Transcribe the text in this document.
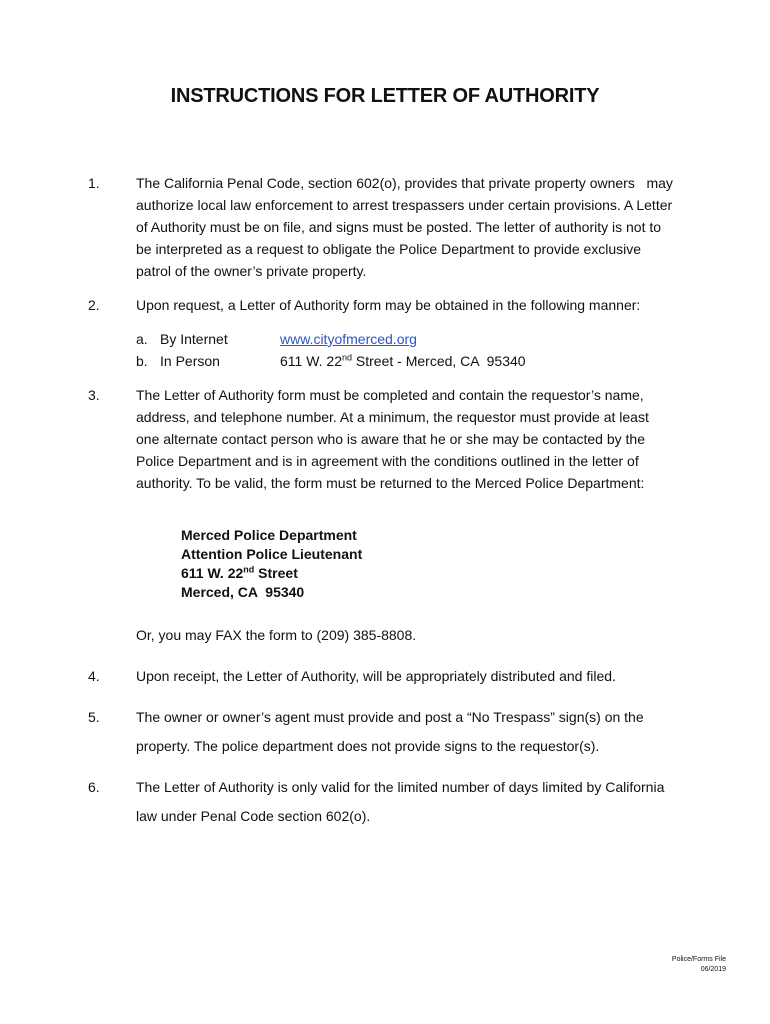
INSTRUCTIONS FOR LETTER OF AUTHORITY
1.	The California Penal Code, section 602(o), provides that private property owners   may

authorize local law enforcement to arrest trespassers under certain provisions. A Letter

of Authority must be on file, and signs must be posted. The letter of authority is not to

be interpreted as a request to obligate the Police Department to provide exclusive

patrol of the owner’s private property.

2.	Upon request, a Letter of Authority form may be obtained in the following manner:

a. By Internet	www.cityofmerced.org
b. In Person	611 W. 22nd Street - Merced, CA  95340
3.	The Letter of Authority form must be completed and contain the requestor’s name,

address, and telephone number. At a minimum, the requestor must provide at least

one alternate contact person who is aware that he or she may be contacted by the

Police Department and is in agreement with the conditions outlined in the letter of

authority. To be valid, the form must be returned to the Merced Police Department:

Merced Police Department
Attention Police Lieutenant
611 W. 22nd Street
Merced, CA  95340
Or, you may FAX the form to (209) 385-8808.
4.	Upon receipt, the Letter of Authority, will be appropriately distributed and filed.

5.	The owner or owner’s agent must provide and post a “No Trespass” sign(s) on the

property. The police department does not provide signs to the requestor(s).

6.	The Letter of Authority is only valid for the limited number of days limited by California

law under Penal Code section 602(o).

Police/Forms File
06/2019
